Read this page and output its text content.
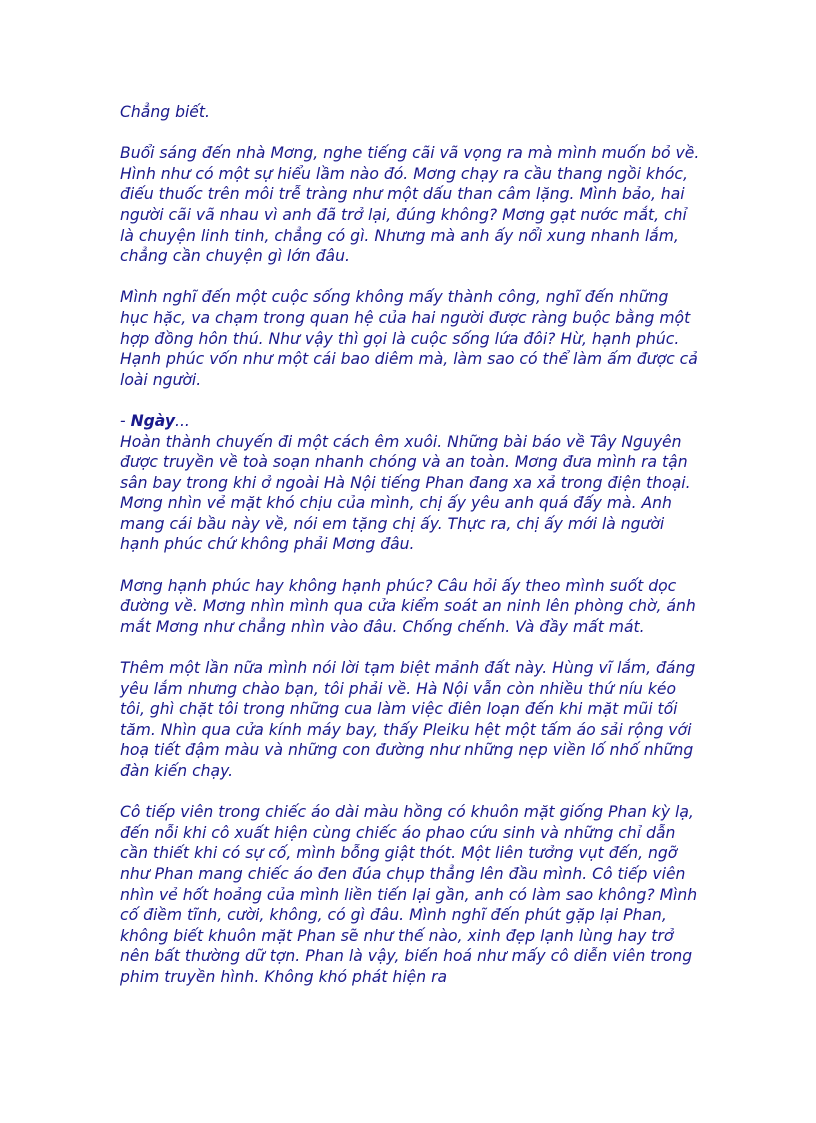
Chẳng biết.

Buổi sáng đến nhà Mơng, nghe tiếng cãi vã vọng ra mà mình muốn bỏ về. Hình như có một sự hiểu lầm nào đó. Mơng chạy ra cầu thang ngồi khóc, điếu thuốc trên môi trễ tràng như một dấu than câm lặng. Mình bảo, hai người cãi vã nhau vì anh đã trở lại, đúng không? Mơng gạt nước mắt, chỉ là chuyện linh tinh, chẳng có gì. Nhưng mà anh ấy nổi xung nhanh lắm, chẳng cần chuyện gì lớn đâu.

Mình nghĩ đến một cuộc sống không mấy thành công, nghĩ đến những hục hặc, va chạm trong quan hệ của hai người được ràng buộc bằng một hợp đồng hôn thú. Như vậy thì gọi là cuộc sống lứa đôi? Hừ, hạnh phúc. Hạnh phúc vốn như một cái bao diêm mà, làm sao có thể làm ấm được cả loài người.

- Ngày...

Hoàn thành chuyến đi một cách êm xuôi. Những bài báo về Tây Nguyên được truyền về toà soạn nhanh chóng và an toàn. Mơng đưa mình ra tận sân bay trong khi ở ngoài Hà Nội tiếng Phan đang xa xả trong điện thoại. Mơng nhìn vẻ mặt khó chịu của mình, chị ấy yêu anh quá đấy mà. Anh mang cái bầu này về, nói em tặng chị ấy. Thực ra, chị ấy mới là người hạnh phúc chứ không phải Mơng đâu.

Mơng hạnh phúc hay không hạnh phúc? Câu hỏi ấy theo mình suốt dọc đường về. Mơng nhìn mình qua cửa kiểm soát an ninh lên phòng chờ, ánh mắt Mơng như chẳng nhìn vào đâu. Chống chếnh. Và đầy mất mát.

Thêm một lần nữa mình nói lời tạm biệt mảnh đất này. Hùng vĩ lắm, đáng yêu lắm nhưng chào bạn, tôi phải về. Hà Nội vẫn còn nhiều thứ níu kéo tôi, ghì chặt tôi trong những cua làm việc điên loạn đến khi mặt mũi tối tăm. Nhìn qua cửa kính máy bay, thấy Pleiku hệt một tấm áo sải rộng với hoạ tiết đậm màu và những con đường như những nẹp viền lố nhố những đàn kiến chạy.

Cô tiếp viên trong chiếc áo dài màu hồng có khuôn mặt giống Phan kỳ lạ, đến nỗi khi cô xuất hiện cùng chiếc áo phao cứu sinh và những chỉ dẫn cần thiết khi có sự cố, mình bỗng giật thót. Một liên tưởng vụt đến, ngỡ như Phan mang chiếc áo đen đúa chụp thẳng lên đầu mình. Cô tiếp viên nhìn vẻ hốt hoảng của mình liền tiến lại gần, anh có làm sao không? Mình cố điềm tĩnh, cười, không, có gì đâu. Mình nghĩ đến phút gặp lại Phan, không biết khuôn mặt Phan sẽ như thế nào, xinh đẹp lạnh lùng hay trở nên bất thường dữ tợn. Phan là vậy, biến hoá như mấy cô diễn viên trong phim truyền hình. Không khó phát hiện ra
